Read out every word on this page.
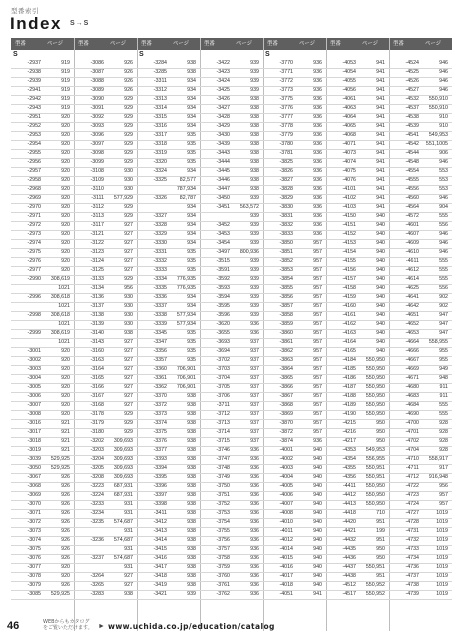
型番索引
Index S→S
型番	ページ	型番	ページ	型番	ページ	型番	ページ	型番	ページ	型番	ページ	型番	ページ
S
-2937	919
-2938	919
-2939	919
-2941	919
-2942	919
-2943	919
-2951	920
-2952	920
-2953	920
-2954	920
-2955	920
-2956	920
-2957	920
-2958	920
-2968	920
-2969	920
-2970	920
-2971	920
-2972	920
-2973	920
-2974	920
-2975	920
-2976	920
-2977	920
-2990	308,619
1021
-2996	308,618
1021
-2998	308,618
1021
-2999	308,619
1021
-3001	920
-3002	920
-3003	920
-3004	920
-3005	920
-3006	920
-3007	920
-3008	920
-3016	921
-3017	921
-3018	921
-3019	921
-3039	529,925
-3050	529,925
-3067	926
-3068	926
-3069	926
-3070	926
-3071	926
-3072	926
-3073	926
-3074	926
-3075	926
-3076	926
-3077	920
-3078	920
-3079	926
-3085	529,925
-3086	926
-3087	926
-3088	926
-3089	926
-3090	929
-3091	929
-3092	929
-3093	929
-3096	929
-3097	929
-3098	929
-3099	929
-3108	930
-3109	930
-3110	930
-3111	577,929
-3112	929
-3113	929
-3117	927
-3121	927
-3122	927
-3123	927
-3124	927
-3125	927
-3133	929
-3134	956
-3136	930
-3137	930
-3138	930
-3139	930
-3140	938
-3143	927
-3160	927
-3163	927
-3164	927
-3165	927
-3166	927
-3167	927
-3168	927
-3178	929
-3179	929
-3180	929
-3202	309,693
-3203	309,693
-3204	309,693
-3205	309,693
-3208	309,693
-3223	687,931
-3224	687,931
-3233	931
-3234	931
-3235	574,687
931
-3236	574,687
931
-3237	574,687
931
-3264	927
-3265	927
-3283	938
S
-3284	938
-3285	938
-3311	934
-3312	934
-3313	934
-3314	934
-3315	934
-3316	934
-3317	935
-3318	935
-3319	935
-3320	935
-3324	934
-3325	82,577
787,934
-3326	82,787
934
-3327	934
-3328	934
-3329	934
-3330	934
-3331	935
-3332	935
-3333	935
-3334	776,935
-3335	776,935
-3336	934
-3337	934
-3338	577,934
-3339	577,934
-3345	935
-3347	935
-3356	935
-3357	935
-3360	706,901
-3361	706,901
-3362	706,901
-3370	938
-3372	938
-3373	938
-3374	938
-3375	938
-3376	938
-3377	938
-3393	938
-3394	938
-3395	938
-3396	938
-3397	938
-3398	938
-3411	938
-3412	938
-3413	938
-3414	938
-3415	938
-3416	938
-3417	938
-3418	938
-3419	938
-3421	939
-3422	939
-3423	939
-3424	939
-3425	939
-3426	938
-3427	938
-3428	938
-3429	938
-3430	938
-3439	938
-3443	938
-3444	938
-3445	938
-3446	938
-3447	938
-3450	939
-3451	563,572
939
-3452	939
-3453	939
-3454	939
-3497	800,936
-3515	939
-3591	939
-3592	939
-3593	939
-3594	939
-3595	939
-3596	939
-3620	936
-3655	936
-3693	937
-3694	937
-3702	937
-3703	937
-3704	937
-3705	937
-3706	937
-3711	937
-3712	937
-3713	937
-3714	937
-3715	937
-3746	936
-3747	936
-3748	936
-3749	936
-3750	936
-3751	936
-3752	936
-3753	936
-3754	936
-3755	936
-3756	936
-3757	936
-3758	936
-3759	936
-3760	936
-3761	936
-3762	936
S
-3770	936
-3771	936
-3772	936
-3773	936
-3775	936
-3776	936
-3777	936
-3778	936
-3779	936
-3780	936
-3781	936
-3825	936
-3826	936
-3827	936
-3828	936
-3829	936
-3830	936
-3831	936
-3832	936
-3833	936
-3850	957
-3851	957
-3852	957
-3853	957
-3854	957
-3855	957
-3856	957
-3857	957
-3858	957
-3859	957
-3860	957
-3861	957
-3862	957
-3863	957
-3864	957
-3865	957
-3866	957
-3867	957
-3868	957
-3869	957
-3870	957
-3872	957
-3874	936
-4001	940
-4002	940
-4003	940
-4004	940
-4005	940
-4006	940
-4007	940
-4008	940
-4010	940
-4011	940
-4012	940
-4014	940
-4015	940
-4016	940
-4017	940
-4018	940
-4051	941
-4053	941
-4054	941
-4055	941
-4056	941
-4061	941
-4063	941
-4064	941
-4065	941
-4068	941
-4071	941
-4073	941
-4074	941
-4075	941
-4076	941
-4101	941
-4102	941
-4103	941
-4150	940
-4151	940
-4152	940
-4153	940
-4154	940
-4155	940
-4156	940
-4157	940
-4158	940
-4159	940
-4160	940
-4161	940
-4162	940
-4163	940
-4164	940
-4165	940
-4184	550,950
-4185	550,950
-4186	550,950
-4187	550,950
-4188	550,950
-4189	550,950
-4190	550,950
-4215	950
-4216	950
-4217	950
-4353	549,953
-4354	556,955
-4355	550,951
-4356	550,951
-4411	550,950
-4412	550,950
-4413	550,950
-4418	710
-4420	951
-4421	199
-4432	951
-4435	950
-4436	950
-4437	550,951
-4438	951
-4512	550,952
-4517	550,952
-4524	946
-4525	946
-4526	946
-4527	946
-4532	550,910
-4537	550,910
-4538	910
-4539	910
-4541	549,953
-4542	551,1005
-4544	906
-4548	946
-4554	553
-4555	553
-4556	553
-4560	946
-4564	904
-4572	555
-4601	556
-4607	946
-4609	946
-4610	946
-4611	555
-4612	555
-4614	555
-4625	556
-4641	902
-4642	902
-4651	947
-4652	947
-4653	947
-4664	558,955
-4666	955
-4667	955
-4669	949
-4671	948
-4680	911
-4683	911
-4684	555
-4690	555
-4700	928
-4701	928
-4702	928
-4704	928
-4710	558,917
-4711	917
-4712	916,948
-4722	956
-4723	957
-4724	957
-4727	1019
-4728	1019
-4731	1019
-4732	1019
-4733	1019
-4734	1019
-4736	1019
-4737	1019
-4738	1019
-4739	1019
46	WEBからもカタログをご覧いただけます。 ► www.uchida.co.jp/education/catalog
